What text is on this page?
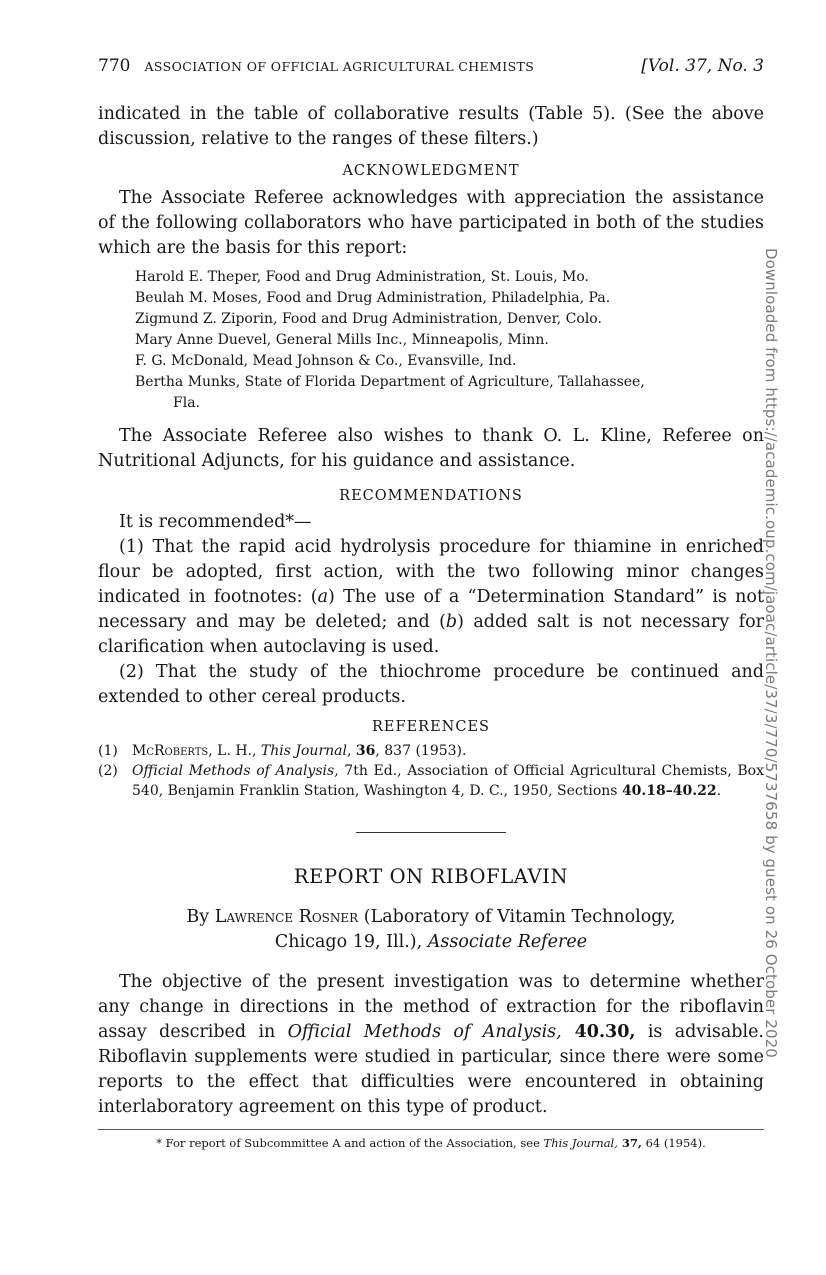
770 ASSOCIATION OF OFFICIAL AGRICULTURAL CHEMISTS	[Vol. 37, No. 3

indicated in the table of collaborative results (Table 5). (See the above discussion, relative to the ranges of these filters.)

ACKNOWLEDGMENT

The Associate Referee acknowledges with appreciation the assistance of the following collaborators who have participated in both of the studies which are the basis for this report:

Harold E. Theper, Food and Drug Administration, St. Louis, Mo.
Beulah M. Moses, Food and Drug Administration, Philadelphia, Pa.
Zigmund Z. Ziporin, Food and Drug Administration, Denver, Colo.
Mary Anne Duevel, General Mills Inc., Minneapolis, Minn.
F. G. McDonald, Mead Johnson & Co., Evansville, Ind.
Bertha Munks, State of Florida Department of Agriculture, Tallahassee,
Fla.

The Associate Referee also wishes to thank O. L. Kline, Referee on Nutritional Adjuncts, for his guidance and assistance.

RECOMMENDATIONS

It is recommended*—

(1) That the rapid acid hydrolysis procedure for thiamine in enriched flour be adopted, first action, with the two following minor changes indicated in footnotes: (a) The use of a “Determination Standard” is not necessary and may be deleted; and (b) added salt is not necessary for clarification when autoclaving is used.

(2) That the study of the thiochrome procedure be continued and extended to other cereal products.

REFERENCES

(1)	McRoberts, L. H., This Journal, 36, 837 (1953).
(2)	Official Methods of Analysis, 7th Ed., Association of Official Agricultural Chemists, Box 540, Benjamin Franklin Station, Washington 4, D. C., 1950, Sections 40.18–40.22.

REPORT ON RIBOFLAVIN

By Lawrence Rosner (Laboratory of Vitamin Technology,

Chicago 19, Ill.), Associate Referee

The objective of the present investigation was to determine whether any change in directions in the method of extraction for the riboflavin assay described in Official Methods of Analysis, 40.30, is advisable. Riboflavin supplements were studied in particular, since there were some reports to the effect that difficulties were encountered in obtaining interlaboratory agreement on this type of product.

* For report of Subcommittee A and action of the Association, see This Journal, 37, 64 (1954).

Downloaded from https://academic.oup.com/jaoac/article/37/3/770/5737658 by guest on 26 October 2020
